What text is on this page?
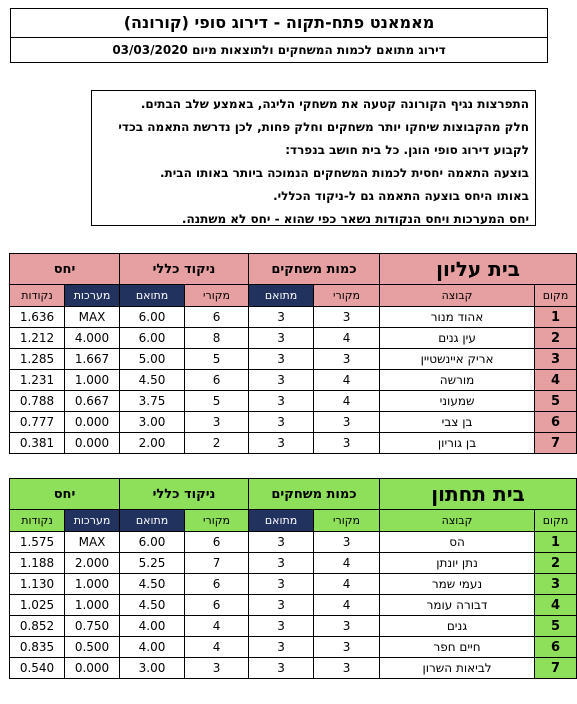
מאמאנט פתח-תקוה - דירוג סופי (קורונה)
דירוג מתואם לכמות המשחקים ולתוצאות מיום 03/03/2020
התפרצות נגיף הקורונה קטעה את משחקי הליגה, באמצע שלב הבתים.
חלק מהקבוצות שיחקו יותר משחקים וחלק פחות, לכן נדרשת התאמה בכדי
לקבוע דירוג סופי הוגן. כל בית חושב בנפרד:
בוצעה התאמה יחסית לכמות המשחקים הנמוכה ביותר באותו הבית.
באותו היחס בוצעה התאמה גם ל-ניקוד הכללי.
יחס המערכות ויחס הנקודות נשאר כפי שהוא - יחס לא משתנה.
בית עליון		כמות משחקים		ניקוד כללי		יחס	
מקום	קבוצה	מקורי	מתואם	מקורי	מתואם	מערכות	נקודות
1	אהוד מנור	3	3	6	6.00	MAX	1.636
2	עין גנים	4	3	8	6.00	4.000	1.212
3	אריק איינשטיין	3	3	5	5.00	1.667	1.285
4	מורשה	4	3	6	4.50	1.000	1.231
5	שמעוני	4	3	5	3.75	0.667	0.788
6	בן צבי	3	3	3	3.00	0.000	0.777
7	בן גוריון	3	3	2	2.00	0.000	0.381
בית תחתון		כמות משחקים		ניקוד כללי		יחס	
מקום	קבוצה	מקורי	מתואם	מקורי	מתואם	מערכות	נקודות
1	הס	3	3	6	6.00	MAX	1.575
2	נתן יונתן	4	3	7	5.25	2.000	1.188
3	נעמי שמר	4	3	6	4.50	1.000	1.130
4	דבורה עומר	4	3	6	4.50	1.000	1.025
5	גנים	3	3	4	4.00	0.750	0.852
6	חיים חפר	3	3	4	4.00	0.500	0.835
7	לביאות השרון	3	3	3	3.00	0.000	0.540
